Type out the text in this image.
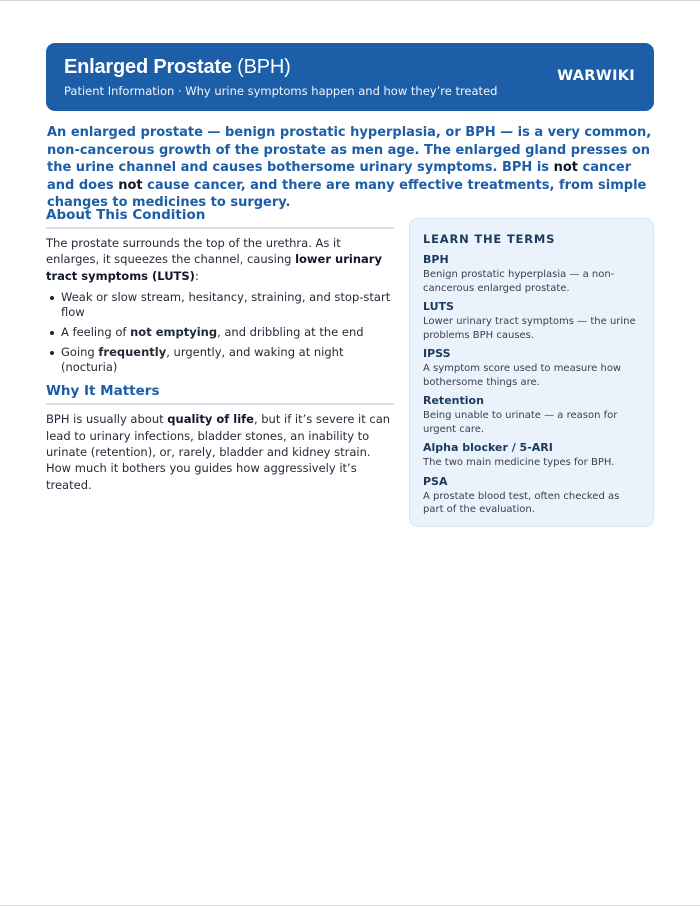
Enlarged Prostate (BPH)
Patient Information · Why urine symptoms happen and how they’re treated
WARWIKI

An enlarged prostate — benign prostatic hyperplasia, or BPH — is a very common, non-cancerous growth of the prostate as men age. The enlarged gland presses on the urine channel and causes bothersome urinary symptoms. BPH is not cancer and does not cause cancer, and there are many effective treatments, from simple changes to medicines to surgery.

About This Condition

The prostate surrounds the top of the urethra. As it enlarges, it squeezes the channel, causing lower urinary tract symptoms (LUTS):

Weak or slow stream, hesitancy, straining, and stop-start flow
A feeling of not emptying, and dribbling at the end
Going frequently, urgently, and waking at night (nocturia)
Why It Matters

BPH is usually about quality of life, but if it’s severe it can lead to urinary infections, bladder stones, an inability to urinate (retention), or, rarely, bladder and kidney strain. How much it bothers you guides how aggressively it’s treated.

LEARN THE TERMS
BPH
Benign prostatic hyperplasia — a non-cancerous enlarged prostate.
LUTS
Lower urinary tract symptoms — the urine problems BPH causes.
IPSS
A symptom score used to measure how bothersome things are.
Retention
Being unable to urinate — a reason for urgent care.
Alpha blocker / 5-ARI
The two main medicine types for BPH.
PSA
A prostate blood test, often checked as part of the evaluation.
